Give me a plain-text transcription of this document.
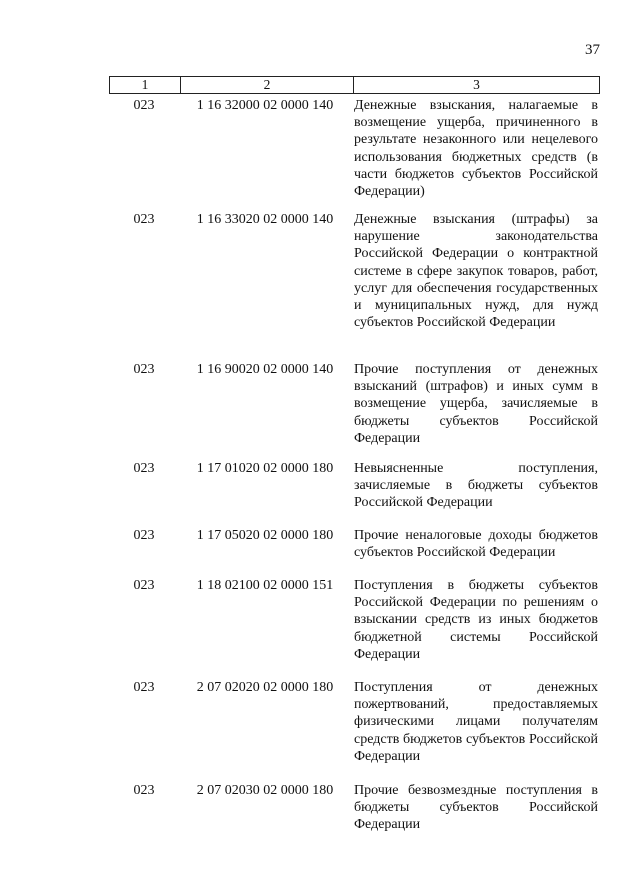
37
1	2	3
023	1 16 32000 02 0000 140	Денежные взыскания, налагаемые в возмещение ущерба, причиненного в результате незаконного или нецелевого использования бюджетных средств (в части бюджетов субъектов Российской Федерации)
023	1 16 33020 02 0000 140	Денежные взыскания (штрафы) за нарушение законодательства Российской Федерации о контрактной системе в сфере закупок товаров, работ, услуг для обеспечения государственных и муниципальных нужд, для нужд субъектов Российской Федерации
023	1 16 90020 02 0000 140	Прочие поступления от денежных взысканий (штрафов) и иных сумм в возмещение ущерба, зачисляемые в бюджеты субъектов Российской Федерации
023	1 17 01020 02 0000 180	Невыясненные поступления, зачисляемые в бюджеты субъектов Российской Федерации
023	1 17 05020 02 0000 180	Прочие неналоговые доходы бюджетов субъектов Российской Федерации
023	1 18 02100 02 0000 151	Поступления в бюджеты субъектов Российской Федерации по решениям о взыскании средств из иных бюджетов бюджетной системы Российской Федерации
023	2 07 02020 02 0000 180	Поступления от денежных пожертвований, предоставляемых физическими лицами получателям средств бюджетов субъектов Российской Федерации
023	2 07 02030 02 0000 180	Прочие безвозмездные поступления в бюджеты субъектов Российской Федерации
